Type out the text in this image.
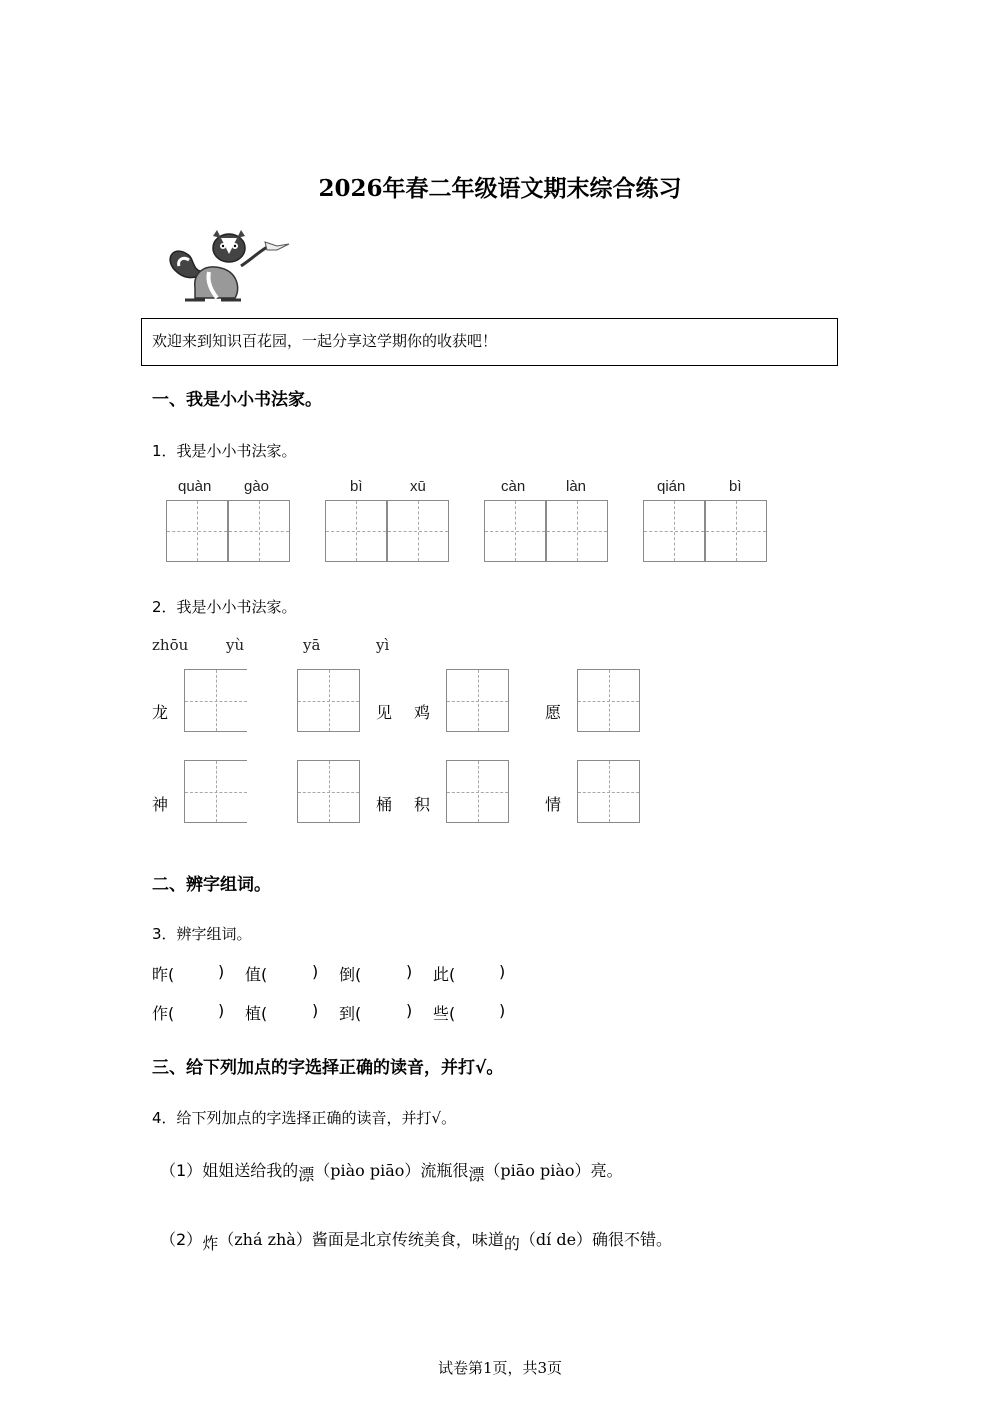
2026年春二年级语文期末综合练习
欢迎来到知识百花园，一起分享这学期你的收获吧！
一、我是小小书法家。
1．我是小小书法家。
quàn gào	bì	xū	càn	làn	qián	bì
2．我是小小书法家。
zhōu	yù	yā	yì
龙	见 鸡	愿
神	桶 积	情
二、辨字组词。
3．辨字组词。
昨(	) 值(	) 倒(	) 此(	)
作(	) 植(	) 到(	) 些(	)
三、给下列加点的字选择正确的读音，并打√。
4．给下列加点的字选择正确的读音，并打√。
（1）姐姐送给我的漂（piào piāo）流瓶很漂（piāo piào）亮。
（2）炸（zhá zhà）酱面是北京传统美食，味道的（dí de）确很不错。
试卷第1页，共3页
